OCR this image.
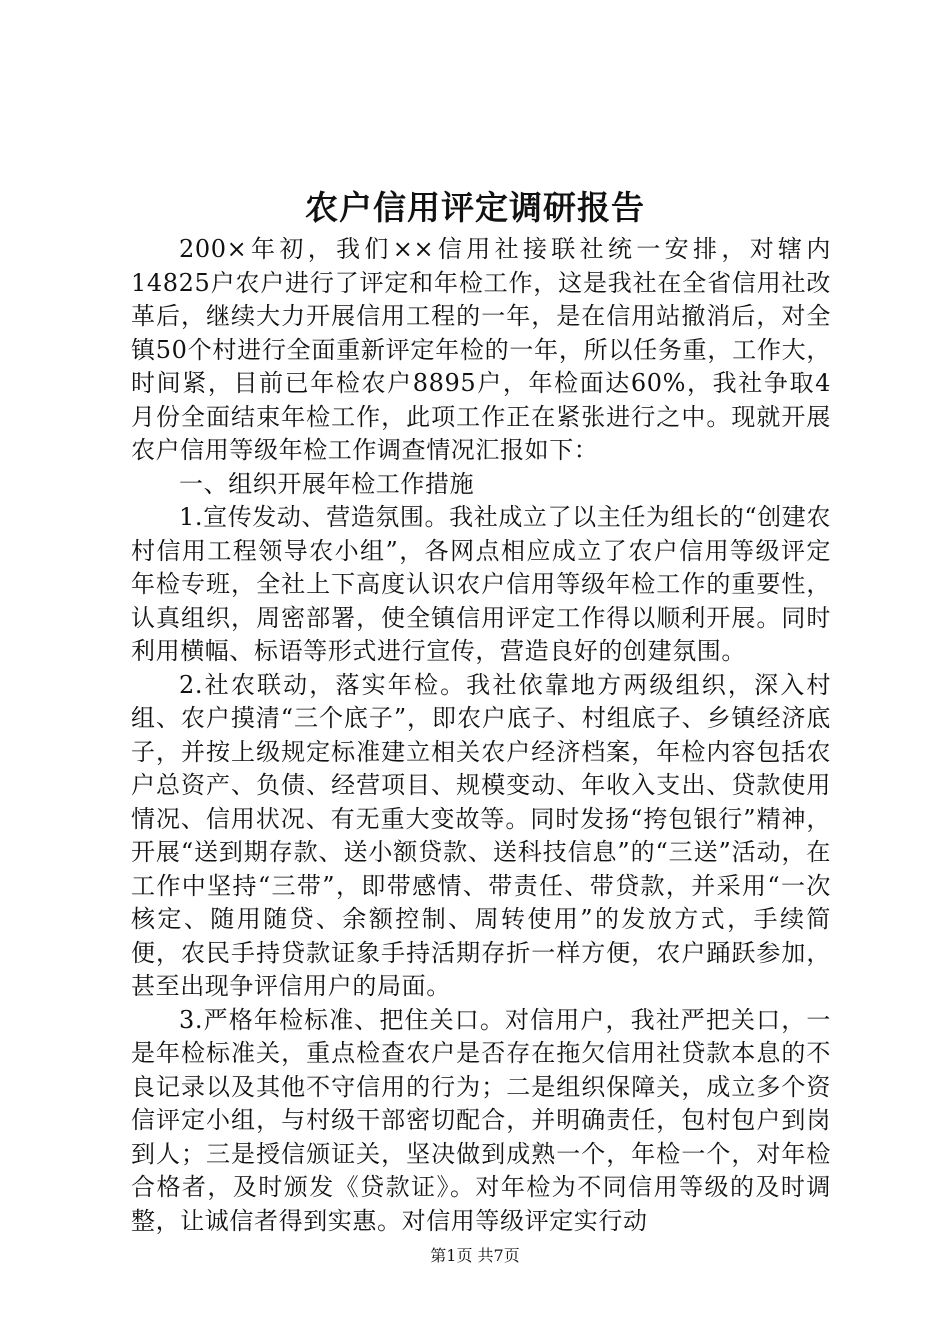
农户信用评定调研报告

200×年初，我们××信用社接联社统一安排，对辖内14825户农户进行了评定和年检工作，这是我社在全省信用社改革后，继续大力开展信用工程的一年，是在信用站撤消后，对全镇50个村进行全面重新评定年检的一年，所以任务重，工作大，时间紧，目前已年检农户8895户，年检面达60%，我社争取4月份全面结束年检工作，此项工作正在紧张进行之中。现就开展农户信用等级年检工作调查情况汇报如下：

一、组织开展年检工作措施

1.宣传发动、营造氛围。我社成立了以主任为组长的“创建农村信用工程领导农小组”，各网点相应成立了农户信用等级评定年检专班，全社上下高度认识农户信用等级年检工作的重要性，认真组织，周密部署，使全镇信用评定工作得以顺利开展。同时利用横幅、标语等形式进行宣传，营造良好的创建氛围。

2.社农联动，落实年检。我社依靠地方两级组织，深入村组、农户摸清“三个底子”，即农户底子、村组底子、乡镇经济底子，并按上级规定标准建立相关农户经济档案，年检内容包括农户总资产、负债、经营项目、规模变动、年收入支出、贷款使用情况、信用状况、有无重大变故等。同时发扬“挎包银行”精神，开展“送到期存款、送小额贷款、送科技信息”的“三送”活动，在工作中坚持“三带”，即带感情、带责任、带贷款，并采用“一次核定、随用随贷、余额控制、周转使用”的发放方式，手续简便，农民手持贷款证象手持活期存折一样方便，农户踊跃参加，甚至出现争评信用户的局面。

3.严格年检标准、把住关口。对信用户，我社严把关口，一是年检标准关，重点检查农户是否存在拖欠信用社贷款本息的不良记录以及其他不守信用的行为；二是组织保障关，成立多个资信评定小组，与村级干部密切配合，并明确责任，包村包户到岗到人；三是授信颁证关，坚决做到成熟一个，年检一个，对年检合格者，及时颁发《贷款证》。对年检为不同信用等级的及时调整，让诚信者得到实惠。对信用等级评定实行动

第1页 共7页
